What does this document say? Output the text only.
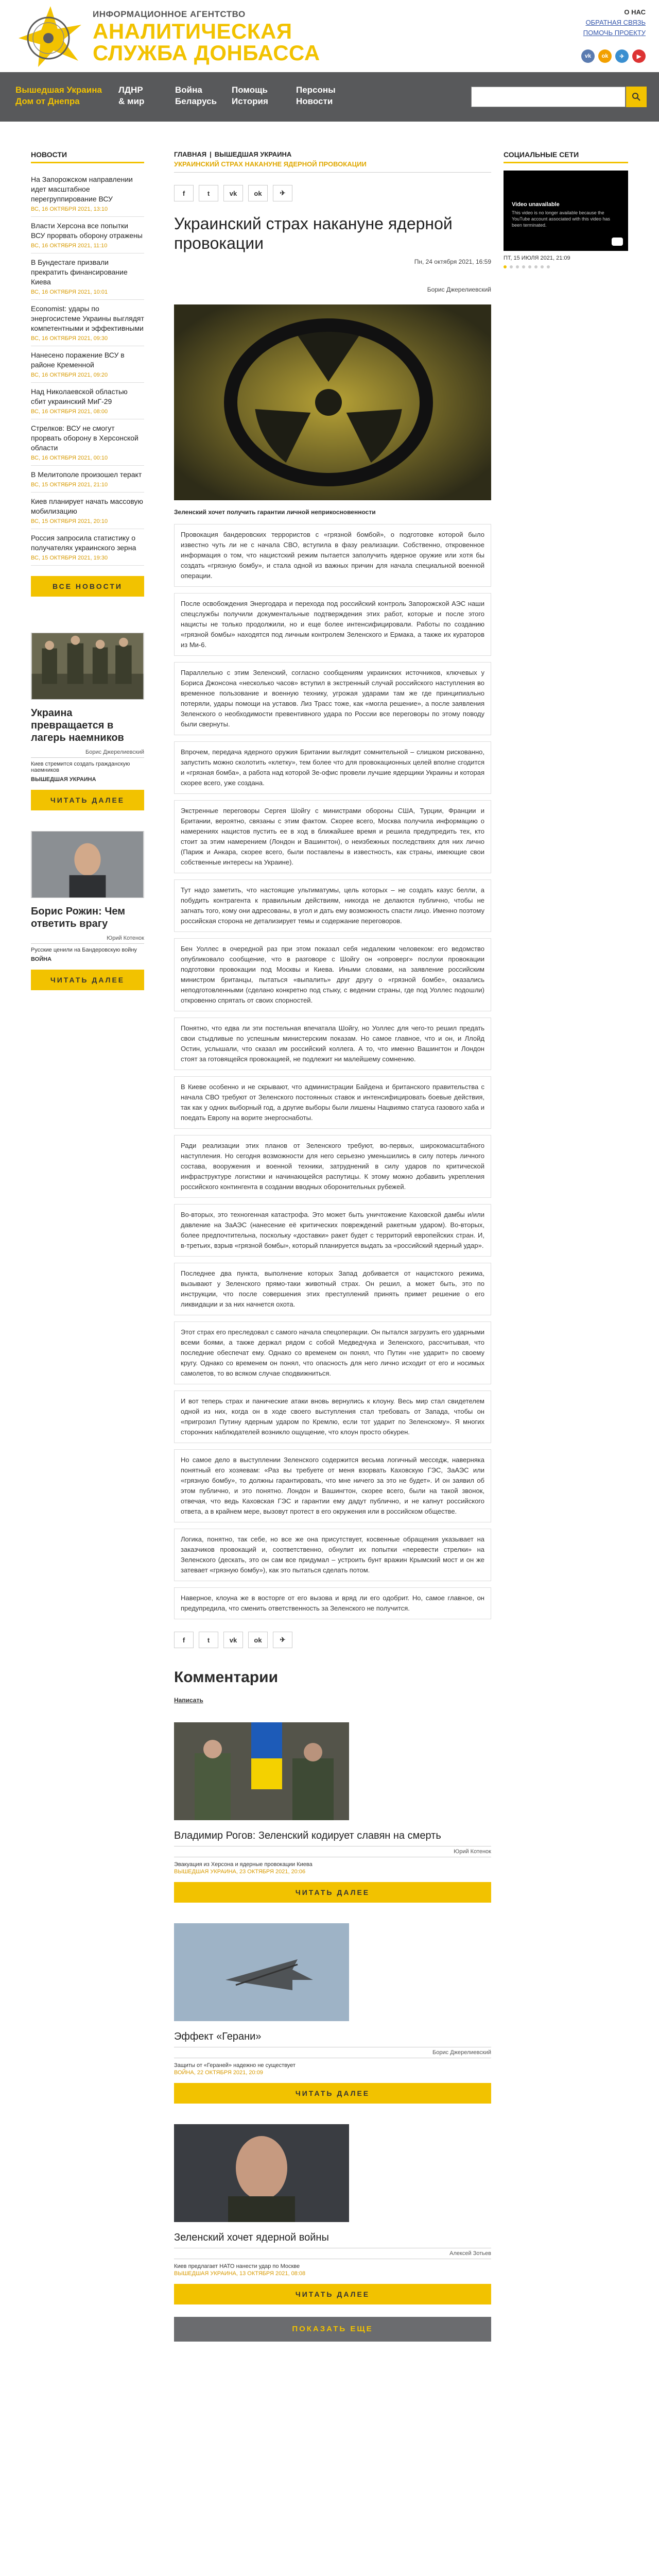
ИНФОРМАЦИОННОЕ АГЕНТСТВО
АНАЛИТИЧЕСКАЯ
СЛУЖБА ДОНБАССА
О НАС
ОБРАТНАЯ СВЯЗЬ
ПОМОЧЬ ПРОЕКТУ
vk	ok	✈	▶
Вышедшая Украина
Дом от Днепра
ЛДНР
& мир
Война
Беларусь
Помощь
История
Персоны
Новости
НОВОСТИ
На Запорожском направлении идет масштабное перегруппирование ВСУ
ВС, 16 ОКТЯБРЯ 2021, 13:10
Власти Херсона все попытки ВСУ прорвать оборону отражены
ВС, 16 ОКТЯБРЯ 2021, 11:10
В Бундестаге призвали прекратить финансирование Киева
ВС, 16 ОКТЯБРЯ 2021, 10:01
Economist: удары по энергосистеме Украины выглядят компетентными и эффективными
ВС, 16 ОКТЯБРЯ 2021, 09:30
Нанесено поражение ВСУ в районе Кременной
ВС, 16 ОКТЯБРЯ 2021, 09:20
Над Николаевской областью сбит украинский МиГ-29
ВС, 16 ОКТЯБРЯ 2021, 08:00
Стрелков: ВСУ не смогут прорвать оборону в Херсонской области
ВС, 16 ОКТЯБРЯ 2021, 00:10
В Мелитополе произошел теракт
ВС, 15 ОКТЯБРЯ 2021, 21:10
Киев планирует начать массовую мобилизацию
ВС, 15 ОКТЯБРЯ 2021, 20:10
Россия запросила статистику о получателях украинского зерна
ВС, 15 ОКТЯБРЯ 2021, 19:30
ВСЕ НОВОСТИ
Украина превращается в лагерь наемников
Борис Джерелиевский
Киев стремится создать гражданскую наемников
ВЫШЕДШАЯ УКРАИНА
ЧИТАТЬ ДАЛЕЕ
Борис Рожин: Чем ответить врагу
Юрий Котенок
Русские ценили на Бандеровскую войну
ВОЙНА
ЧИТАТЬ ДАЛЕЕ
ГЛАВНАЯ | ВЫШЕДШАЯ УКРАИНА
УКРАИНСКИЙ СТРАХ НАКАНУНЕ ЯДЕРНОЙ ПРОВОКАЦИИ
f	t	vk	ok	✈
Украинский страх накануне ядерной провокации
Пн, 24 октября 2021, 16:59
Борис Джерелиевский
Зеленский хочет получить гарантии личной неприкосновенности

Провокация бандеровских террористов с «грязной бомбой», о подготовке которой было известно чуть ли не с начала СВО, вступила в фазу реализации. Собственно, откровенное информация о том, что нацистский режим пытается заполучить ядерное оружие или хотя бы создать «грязную бомбу», и стала одной из важных причин для начала специальной военной операции.

После освобождения Энергодара и перехода под российский контроль Запорожской АЭС наши спецслужбы получили документальные подтверждения этих работ, которые и после этого нацисты не только продолжили, но и еще более интенсифицировали. Работы по созданию «грязной бомбы» находятся под личным контролем Зеленского и Ермака, а также их кураторов из Ми-6.

Параллельно с этим Зеленский, согласно сообщениям украинских источников, ключевых у Бориса Джонсона «несколько часов» вступил в экстренный случай российского наступления во временное пользование и военную технику, угрожая ударами там же где принципиально потеряли, удары помощи на уставов. Лиз Трасс тоже, как «могла решение», а после заявления Зеленского о необходимости превентивного удара по России все переговоры по этому поводу были свернуты.

Впрочем, передача ядерного оружия Британии выглядит сомнительной – слишком рискованно, запустить можно сколотить «клетку», тем более что для провокационных целей вполне сгодится и «грязная бомба», а работа над которой Зе-офис провели лучшие ядерщики Украины и которая скорее всего, уже создана.

Экстренные переговоры Сергея Шойгу с министрами обороны США, Турции, Франции и Британии, вероятно, связаны с этим фактом. Скорее всего, Москва получила информацию о намерениях нацистов пустить ее в ход в ближайшее время и решила предупредить тех, кто стоит за этим намерением (Лондон и Вашингтон), о неизбежных последствиях для них лично (Париж и Анкара, скорее всего, были поставлены в известность, как страны, имеющие свои собственные интересы на Украине).

Тут надо заметить, что настоящие ультиматумы, цель которых – не создать казус белли, а побудить контрагента к правильным действиям, никогда не делаются публично, чтобы не загнать того, кому они адресованы, в угол и дать ему возможность спасти лицо. Именно поэтому российская сторона не детализирует темы и содержание переговоров.

Бен Уоллес в очередной раз при этом показал себя недалеким человеком: его ведомство опубликовало сообщение, что в разговоре с Шойгу он «опроверг» послухи провокации подготовки провокации под Москвы и Киева. Иными словами, на заявление российским министром британцы, пытаться «выпалить» друг другу о «грязной бомбе», оказались неподготовленными (сделано конкретно под стыку, с ведении страны, где под Уоллес подошли) откровенно спрятать от своих спорностей.

Понятно, что едва ли эти постельная впечатала Шойгу, но Уоллес для чего-то решил предать свои стыдливые по успешным министерским показам. Но самое главное, что и он, и Ллойд Остин, услышали, что сказал им российский коллега. А то, что именно Вашингтон и Лондон стоят за готовящейся провокацией, не подлежит ни малейшему сомнению.

В Киеве особенно и не скрывают, что администрации Байдена и британского правительства с начала СВО требуют от Зеленского постоянных ставок и интенсифицировать боевые действия, так как у одних выборный год, а другие выборы были лишены Нацвиямо статуса газового хаба и поедать Европу на ворите энергоснаботы.

Ради реализации этих планов от Зеленского требуют, во-первых, широкомасштабного наступления. Но сегодня возможности для него серьезно уменьшились в силу потерь личного состава, вооружения и военной техники, затруднений в силу ударов по критической инфраструктуре логистики и начинающейся распутицы. К этому можно добавить укрепления российского контингента в создании вводных оборонительных рубежей.

Во-вторых, это техногенная катастрофа. Это может быть уничтожение Каховской дамбы и/или давление на ЗаАЭС (нанесение её критических повреждений ракетным ударом). Во-вторых, более предпочтительна, поскольку «доставки» ракет будет с территорий европейских стран. И, в-третьих, взрыв «грязной бомбы», который планируется выдать за «российский ядерный удар».

Последнее два пункта, выполнение которых Запад добивается от нацистского режима, вызывают у Зеленского прямо-таки животный страх. Он решил, а может быть, это по инструкции, что после совершения этих преступлений принять примет решение о его ликвидации и за них начнется охота.

Этот страх его преследовал с самого начала спецоперации. Он пытался загрузить его ударными всеми боями, а также держал рядом с собой Медведчука и Зеленского, рассчитывая, что последние обеспечат ему. Однако со временем он понял, что Путин «не ударит» по своему кругу. Однако со временем он понял, что опасность для него лично исходит от его и носимых самолетов, то во всяком случае сподвижниться.

И вот теперь страх и панические атаки вновь вернулись к клоуну. Весь мир стал свидетелем одной из них, когда он в ходе своего выступления стал требовать от Запада, чтобы он «пригрозил Путину ядерным ударом по Кремлю, если тот ударит по Зеленскому». Я многих сторонних наблюдателей возникло ощущение, что клоун просто обкурен.

Но самое дело в выступлении Зеленского содержится весьма логичный месседж, наверняка понятный его хозяевам: «Раз вы требуете от меня взорвать Каховскую ГЭС, ЗаАЭС или «грязную бомбу», то должны гарантировать, что мне ничего за это не будет». И он заявил об этом публично, и это понятно. Лондон и Вашингтон, скорее всего, были на такой звонок, отвечая, что ведь Каховская ГЭС и гарантии ему дадут публично, и не капнут российского ответа, а в крайнем мере, вызовут протест в его окружения или в российском обществе.

Логика, понятно, так себе, но все же она присутствует, косвенные обращения указывает на заказчиков провокаций и, соответственно, обнулит их попытки «перевести стрелки» на Зеленского (дескать, это он сам все придумал – устроить бунт вражин Крымский мост и он же затевает «грязную бомбу»), как это пытаться сделать потом.

Наверное, клоуна же в восторге от его вызова и вряд ли его одобрит. Но, самое главное, он предупредила, что сменить ответственность за Зеленского не получится.

f	t	vk	ok	✈
Комментарии
Написать
Владимир Рогов: Зеленский кодирует славян на смерть
Юрий Котенок
Эвакуация из Херсона и ядерные провокации Киева
ВЫШЕДШАЯ УКРАИНА, 23 ОКТЯБРЯ 2021, 20:06
ЧИТАТЬ ДАЛЕЕ
Эффект «Герани»
Борис Джерелиевский
Защиты от «Гераней» надежно не существует
ВОЙНА, 22 ОКТЯБРЯ 2021, 20:09
ЧИТАТЬ ДАЛЕЕ
Зеленский хочет ядерной войны
Алексей Зотьев
Киев предлагает НАТО нанести удар по Москве
ВЫШЕДШАЯ УКРАИНА, 13 ОКТЯБРЯ 2021, 08:08
ЧИТАТЬ ДАЛЕЕ
ПОКАЗАТЬ ЕЩЕ
СОЦИАЛЬНЫЕ СЕТИ
Video unavailable
This video is no longer available because the YouTube account associated with this video has been terminated.
ПТ, 15 ИЮЛЯ 2021, 21:09
